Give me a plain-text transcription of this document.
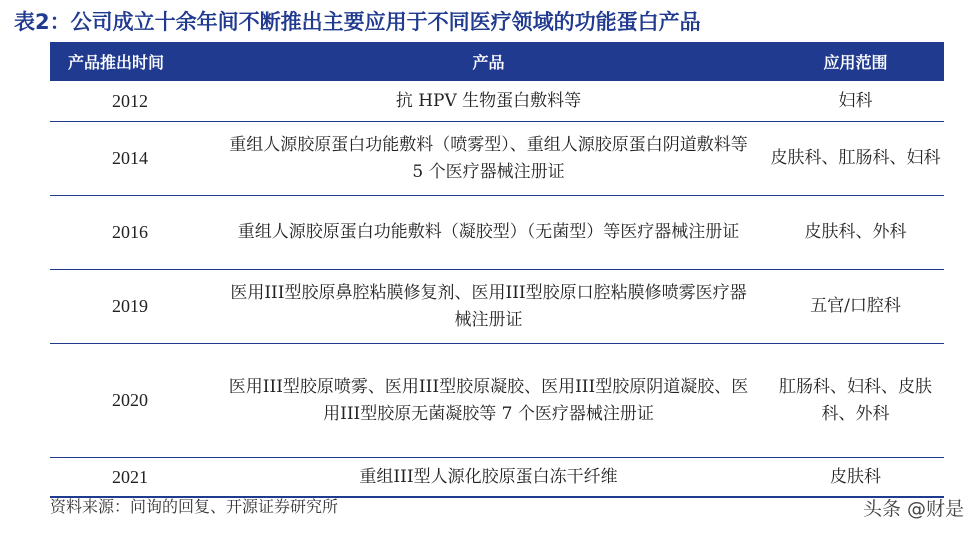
表2：公司成立十余年间不断推出主要应用于不同医疗领域的功能蛋白产品
产品推出时间	产品	应用范围
2012	抗 HPV 生物蛋白敷料等	妇科
2014	重组人源胶原蛋白功能敷料（喷雾型）、重组人源胶原蛋白阴道敷料等 5 个医疗器械注册证	皮肤科、肛肠科、妇科
2016	重组人源胶原蛋白功能敷料（凝胶型）（无菌型）等医疗器械注册证	皮肤科、外科
2019	医用III型胶原鼻腔粘膜修复剂、医用III型胶原口腔粘膜修喷雾医疗器械注册证	五官/口腔科
2020	医用III型胶原喷雾、医用III型胶原凝胶、医用III型胶原阴道凝胶、医用III型胶原无菌凝胶等 7 个医疗器械注册证	肛肠科、妇科、皮肤科、外科
2021	重组III型人源化胶原蛋白冻干纤维	皮肤科
资料来源：问询的回复、开源证券研究所	头条 @财是
